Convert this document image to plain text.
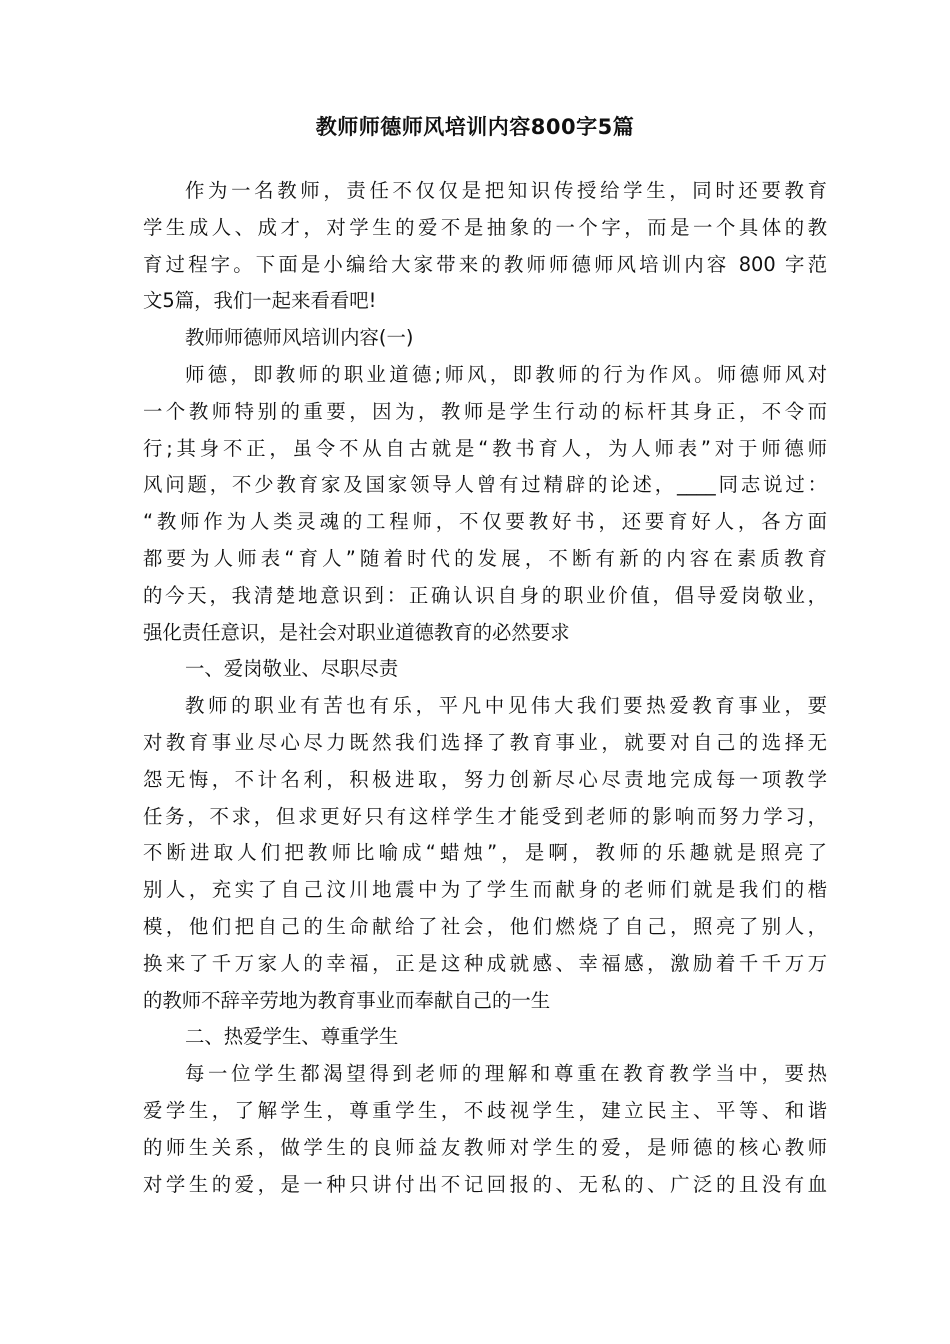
教师师德师风培训内容800字5篇
作为一名教师，责任不仅仅是把知识传授给学生，同时还要教育
学生成人、成才，对学生的爱不是抽象的一个字，而是一个具体的教
育过程字。下面是小编给大家带来的教师师德师风培训内容 800 字范
文5篇，我们一起来看看吧!
教师师德师风培训内容(一)
师德，即教师的职业道德;师风，即教师的行为作风。师德师风对
一个教师特别的重要，因为，教师是学生行动的标杆其身正，不令而
行;其身不正，虽令不从自古就是“教书育人，为人师表”对于师德师
风问题，不少教育家及国家领导人曾有过精辟的论述，____同志说过：
“教师作为人类灵魂的工程师，不仅要教好书，还要育好人，各方面
都要为人师表“育人”随着时代的发展，不断有新的内容在素质教育
的今天，我清楚地意识到：正确认识自身的职业价值，倡导爱岗敬业，
强化责任意识，是社会对职业道德教育的必然要求
一、爱岗敬业、尽职尽责
教师的职业有苦也有乐，平凡中见伟大我们要热爱教育事业，要
对教育事业尽心尽力既然我们选择了教育事业，就要对自己的选择无
怨无悔，不计名利，积极进取，努力创新尽心尽责地完成每一项教学
任务，不求，但求更好只有这样学生才能受到老师的影响而努力学习，
不断进取人们把教师比喻成“蜡烛”，是啊，教师的乐趣就是照亮了
别人，充实了自己汶川地震中为了学生而献身的老师们就是我们的楷
模，他们把自己的生命献给了社会，他们燃烧了自己，照亮了别人，
换来了千万家人的幸福，正是这种成就感、幸福感，激励着千千万万
的教师不辞辛劳地为教育事业而奉献自己的一生
二、热爱学生、尊重学生
每一位学生都渴望得到老师的理解和尊重在教育教学当中，要热
爱学生，了解学生，尊重学生，不歧视学生，建立民主、平等、和谐
的师生关系，做学生的良师益友教师对学生的爱，是师德的核心教师
对学生的爱，是一种只讲付出不记回报的、无私的、广泛的且没有血
